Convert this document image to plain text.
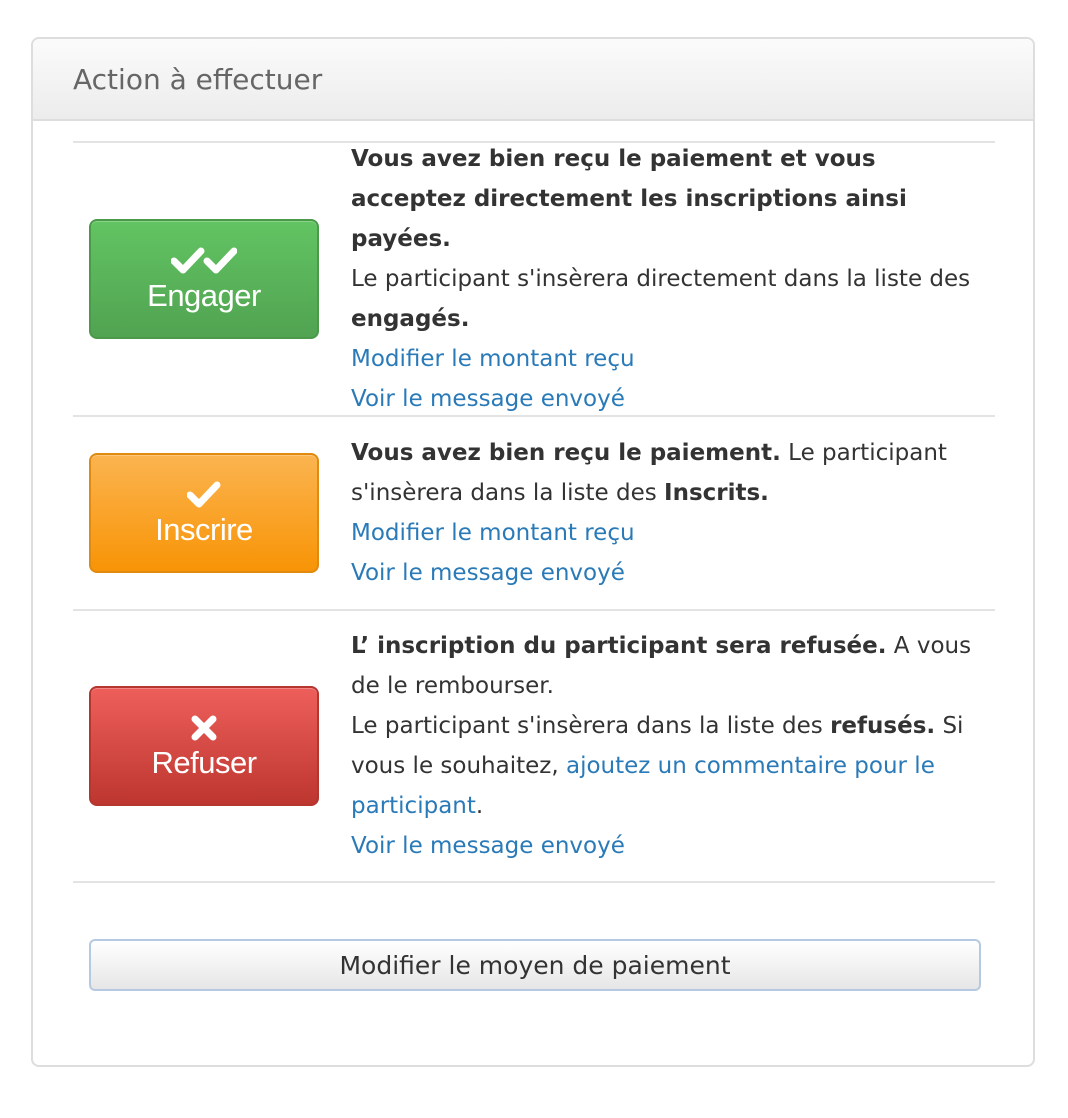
Action à effectuer
Engager
Vous avez bien reçu le paiement et vous acceptez directement les inscriptions ainsi payées.
Le participant s'insèrera directement dans la liste des engagés.
Modifier le montant reçu
Voir le message envoyé
Inscrire
Vous avez bien reçu le paiement. Le participant s'insèrera dans la liste des Inscrits.
Modifier le montant reçu
Voir le message envoyé
Refuser
L’ inscription du participant sera refusée. A vous de le rembourser.
Le participant s'insèrera dans la liste des refusés. Si vous le souhaitez, ajoutez un commentaire pour le participant.
Voir le message envoyé
Modifier le moyen de paiement
